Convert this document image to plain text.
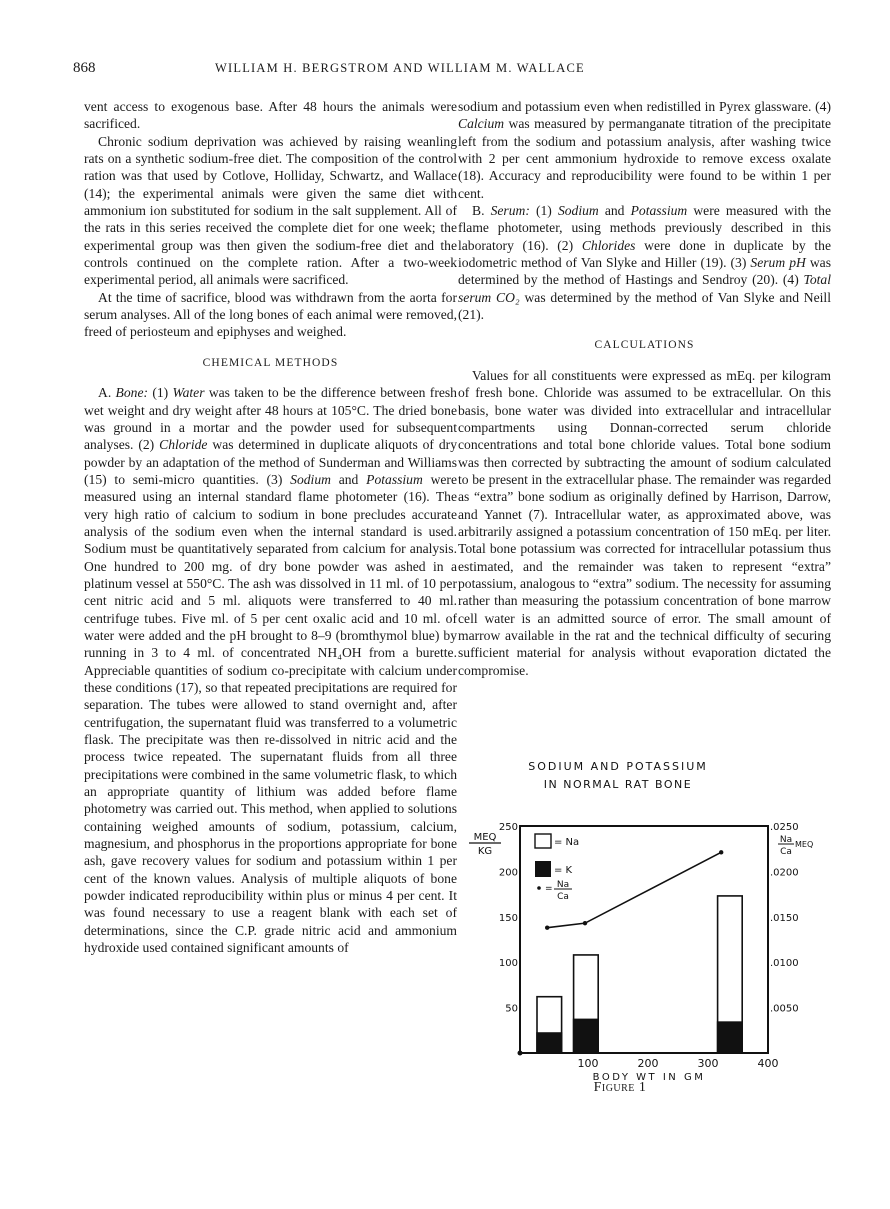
868	WILLIAM H. BERGSTROM AND WILLIAM M. WALLACE

vent access to exogenous base. After 48 hours the animals were sacrificed.

Chronic sodium deprivation was achieved by raising weanling rats on a synthetic sodium-free diet. The composition of the control ration was that used by Cotlove, Holliday, Schwartz, and Wallace (14); the experimental animals were given the same diet with ammonium ion substituted for sodium in the salt supplement. All of the rats in this series received the complete diet for one week; the experimental group was then given the sodium-free diet and the controls continued on the complete ration. After a two-week experimental period, all animals were sacrificed.

At the time of sacrifice, blood was withdrawn from the aorta for serum analyses. All of the long bones of each animal were removed, freed of periosteum and epiphyses and weighed.

CHEMICAL METHODS

A. Bone: (1) Water was taken to be the difference between fresh wet weight and dry weight after 48 hours at 105°C. The dried bone was ground in a mortar and the powder used for subsequent analyses. (2) Chloride was determined in duplicate aliquots of dry powder by an adaptation of the method of Sunderman and Williams (15) to semi-micro quantities. (3) Sodium and Potassium were measured using an internal standard flame photometer (16). The very high ratio of calcium to sodium in bone precludes accurate analysis of the sodium even when the internal standard is used. Sodium must be quantitatively separated from calcium for analysis. One hundred to 200 mg. of dry bone powder was ashed in a platinum vessel at 550°C. The ash was dissolved in 11 ml. of 10 per cent nitric acid and 5 ml. aliquots were transferred to 40 ml. centrifuge tubes. Five ml. of 5 per cent oxalic acid and 10 ml. of water were added and the pH brought to 8–9 (bromthymol blue) by running in 3 to 4 ml. of concentrated NH₄OH from a burette. Appreciable quantities of sodium co-precipitate with calcium under these conditions (17), so that repeated precipitations are required for separation. The tubes were allowed to stand overnight and, after centrifugation, the supernatant fluid was transferred to a volumetric flask. The precipitate was then re-dissolved in nitric acid and the process twice repeated. The supernatant fluids from all three precipitations were combined in the same volumetric flask, to which an appropriate quantity of lithium was added before flame photometry was carried out. This method, when applied to solutions containing weighed amounts of sodium, potassium, calcium, magnesium, and phosphorus in the proportions appropriate for bone ash, gave recovery values for sodium and potassium within 1 per cent of the known values. Analysis of multiple aliquots of bone powder indicated reproducibility within plus or minus 4 per cent. It was found necessary to use a reagent blank with each set of determinations, since the C.P. grade nitric acid and ammonium hydroxide used contained significant amounts of

sodium and potassium even when redistilled in Pyrex glassware. (4) Calcium was measured by permanganate titration of the precipitate left from the sodium and potassium analysis, after washing twice with 2 per cent ammonium hydroxide to remove excess oxalate (18). Accuracy and reproducibility were found to be within 1 per cent.

B. Serum: (1) Sodium and Potassium were measured with the flame photometer, using methods previously described in this laboratory (16). (2) Chlorides were done in duplicate by the iodometric method of Van Slyke and Hiller (19). (3) Serum pH was determined by the method of Hastings and Sendroy (20). (4) Total serum CO₂ was determined by the method of Van Slyke and Neill (21).

CALCULATIONS

Values for all constituents were expressed as mEq. per kilogram of fresh bone. Chloride was assumed to be extracellular. On this basis, bone water was divided into extracellular and intracellular compartments using Donnan-corrected serum chloride concentrations and total bone chloride values. Total bone sodium was then corrected by subtracting the amount of sodium calculated to be present in the extracellular phase. The remainder was regarded as “extra” bone sodium as originally defined by Harrison, Darrow, and Yannet (7). Intracellular water, as approximated above, was arbitrarily assigned a potassium concentration of 150 mEq. per liter. Total bone potassium was corrected for intracellular potassium thus estimated, and the remainder was taken to represent “extra” potassium, analogous to “extra” sodium. The necessity for assuming rather than measuring the potassium concentration of bone marrow cell water is an admitted source of error. The small amount of marrow available in the rat and the technical difficulty of securing sufficient material for analysis without evaporation dictated the compromise.

SODIUM AND POTASSIUM
IN NORMAL RAT BONE
50
100
150
200
250
.0050
.0100
.0150
.0200
.0250
100	200	300	400
BODY WT IN GM
MEQ
KG
Na
Ca
MEQ
= Na
= K
= Na
Ca
Figure 1
